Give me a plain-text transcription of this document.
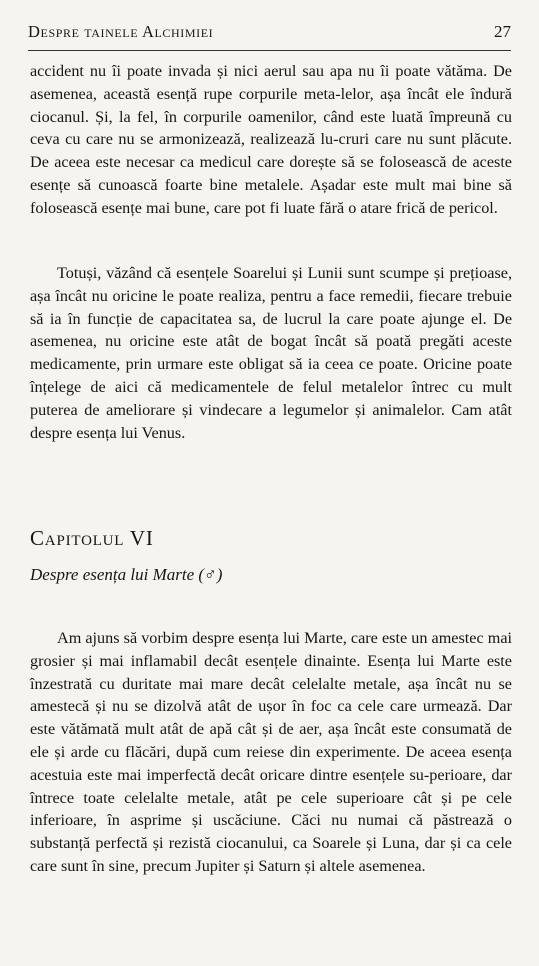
Despre tainele Alchimiei	27

accident nu îi poate invada și nici aerul sau apa nu îi poate vătăma. De asemenea, această esență rupe corpurile meta-lelor, așa încât ele îndură ciocanul. Și, la fel, în corpurile oamenilor, când este luată împreună cu ceva cu care nu se armonizează, realizează lu-cruri care nu sunt plăcute. De aceea este necesar ca medicul care dorește să se folosească de aceste esențe să cunoască foarte bine metalele. Așadar este mult mai bine să folosească esențe mai bune, care pot fi luate fără o atare frică de pericol.

Totuși, văzând că esențele Soarelui și Lunii sunt scumpe și prețioase, așa încât nu oricine le poate realiza, pentru a face remedii, fiecare trebuie să ia în funcție de capacitatea sa, de lucrul la care poate ajunge el. De asemenea, nu oricine este atât de bogat încât să poată pregăti aceste medicamente, prin urmare este obligat să ia ceea ce poate. Oricine poate înțelege de aici că medicamentele de felul metalelor întrec cu mult puterea de ameliorare și vindecare a legumelor și animalelor. Cam atât despre esența lui Venus.

Capitolul VI
Despre esența lui Marte (♂)

Am ajuns să vorbim despre esența lui Marte, care este un amestec mai grosier și mai inflamabil decât esențele dinainte. Esența lui Marte este înzestrată cu duritate mai mare decât celelalte metale, așa încât nu se amestecă și nu se dizolvă atât de ușor în foc ca cele care urmează. Dar este vătămată mult atât de apă cât și de aer, așa încât este consumată de ele și arde cu flăcări, după cum reiese din experimente. De aceea esența acestuia este mai imperfectă decât oricare dintre esențele su-perioare, dar întrece toate celelalte metale, atât pe cele superioare cât și pe cele inferioare, în asprime și uscăciune. Căci nu numai că păstrează o substanță perfectă și rezistă ciocanului, ca Soarele și Luna, dar și ca cele care sunt în sine, precum Jupiter și Saturn și altele asemenea.
